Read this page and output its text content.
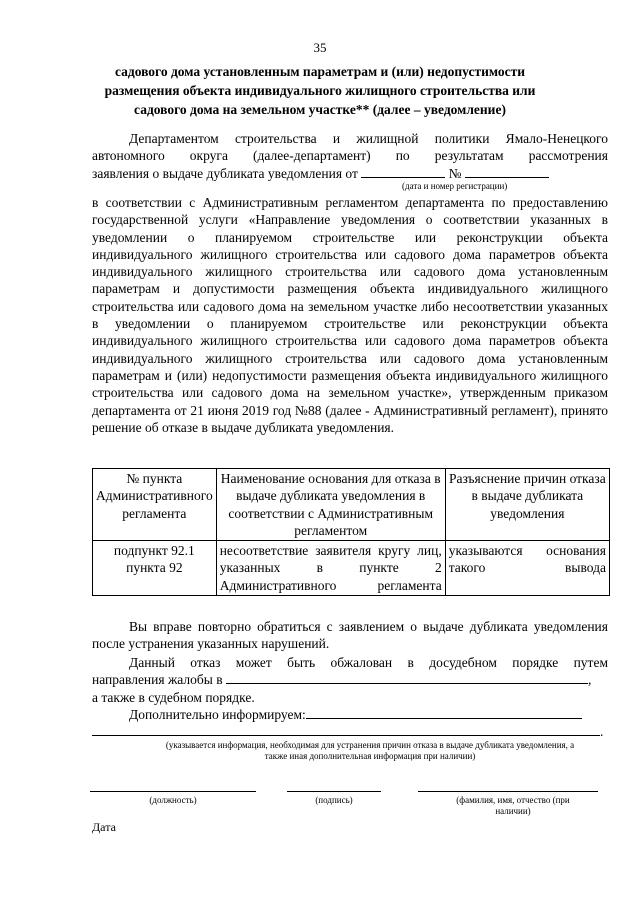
35
садового дома установленным параметрам и (или) недопустимости размещения объекта индивидуального жилищного строительства или садового дома на земельном участке** (далее – уведомление)

Департаментом строительства и жилищной политики Ямало-Ненецкого

автономного округа (далее-департамент) по результатам рассмотрения

заявления о выдаче дубликата уведомления от	№

(дата и номер регистрации)
в соответствии с Административным регламентом департамента по предоставлению государственной услуги «Направление уведомления о соответствии указанных в уведомлении о планируемом строительстве или реконструкции объекта индивидуального жилищного строительства или садового дома параметров объекта индивидуального жилищного строительства или садового дома установленным параметрам и допустимости размещения объекта индивидуального жилищного строительства или садового дома на земельном участке либо несоответствии указанных в уведомлении о планируемом строительстве или реконструкции объекта индивидуального жилищного строительства или садового дома параметров объекта индивидуального жилищного строительства или садового дома установленным параметрам и (или) недопустимости размещения объекта индивидуального жилищного строительства или садового дома на земельном участке», утвержденным приказом департамента от 21 июня 2019 год №88 (далее - Административный регламент), принято решение об отказе в выдаче дубликата уведомления.
№ пункта Административного регламента	Наименование основания для отказа в выдаче дубликата уведомления в соответствии с Административным регламентом	Разъяснение причин отказа в выдаче дубликата уведомления
подпункт 92.1 пункта 92	несоответствие заявителя кругу лиц, указанных в пункте 2 Административного регламента	указываются основания такого вывода
Вы вправе повторно обратиться с заявлением о выдаче дубликата уведомления после устранения указанных нарушений.

Данный отказ может быть обжалован в досудебном порядке путем

направления жалобы в	,

а также в судебном порядке.

Дополнительно информируем:

.

(указывается информация, необходимая для устранения причин отказа в выдаче дубликата уведомления, а также иная дополнительная информация при наличии)
(должность)	(подпись)	(фамилия, имя, отчество (при наличии)
Дата
